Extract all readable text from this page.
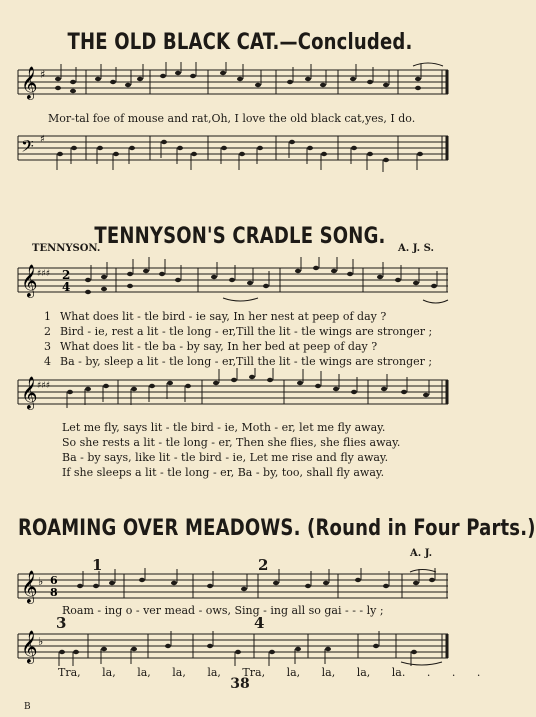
THE OLD BLACK CAT.—Concluded.
𝄞 ♯
Mor-tal foe of mouse and rat,Oh, I love the old black cat,yes, I do.
𝄢 ♯
TENNYSON'S CRADLE SONG.
TENNYSON.	A. J. S.
𝄞 ♯♯♯ 2
4
1 What does lit - tle bird - ie say, In her nest at peep of day ?
2 Bird - ie, rest a lit - tle long - er,Till the lit - tle wings are stronger ;
3 What does lit - tle ba - by say, In her bed at peep of day ?
4 Ba - by, sleep a lit - tle long - er,Till the lit - tle wings are stronger ;
𝄞 ♯♯♯
Let me fly, says lit - tle bird - ie, Moth - er, let me fly away.
So she rests a lit - tle long - er, Then she flies, she flies away.
Ba - by says, like lit - tle bird - ie, Let me rise and fly away.
If she sleeps a lit - tle long - er, Ba - by, too, shall fly away.
ROAMING OVER MEADOWS. (Round in Four Parts.)
A. J.
1	2
3	4
𝄞 ♭ 6
8
Roam - ing o - ver mead - ows, Sing - ing all so gai - - - ly ;
𝄞 ♭
Tra, la, la, la, la, Tra, la, la, la, la. . . .
38
B
